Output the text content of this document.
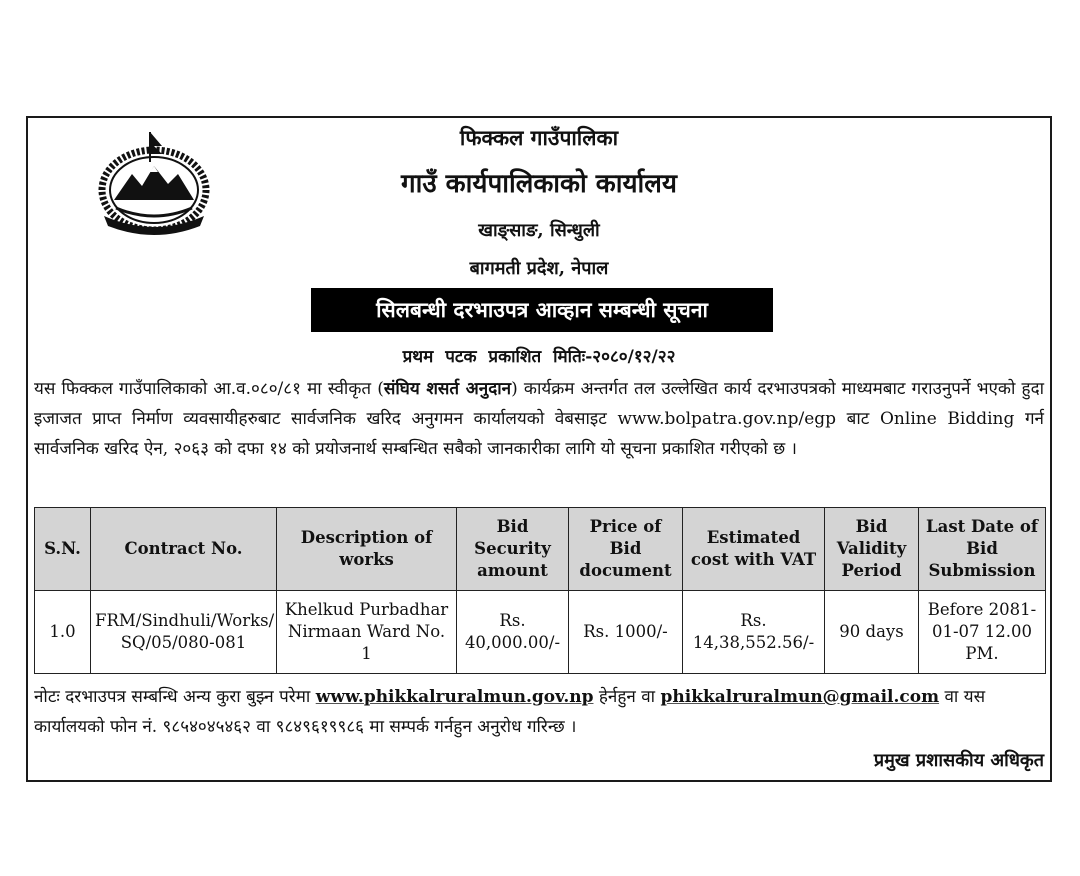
फिक्कल गाउँपालिका
गाउँ कार्यपालिकाको कार्यालय
खाङ्साङ, सिन्धुली
बागमती प्रदेश, नेपाल
सिलबन्धी दरभाउपत्र आव्हान सम्बन्धी सूचना
प्रथम पटक प्रकाशित मितिः-२०८०/१२/२२
यस फिक्कल गाउँपालिकाको आ.व.०८०/८१ मा स्वीकृत (संघिय शसर्त अनुदान) कार्यक्रम अन्तर्गत तल उल्लेखित कार्य दरभाउपत्रको माध्यमबाट गराउनुपर्ने भएको हुदा इजाजत प्राप्त निर्माण व्यवसायीहरुबाट सार्वजनिक खरिद अनुगमन कार्यालयको वेबसाइट www.bolpatra.gov.np/egp बाट Online Bidding गर्न सार्वजनिक खरिद ऐन, २०६३ को दफा १४ को प्रयोजनार्थ सम्बन्धित सबैको जानकारीका लागि यो सूचना प्रकाशित गरीएको छ ।
S.N.	Contract No.	Description of works	Bid Security amount	Price of Bid document	Estimated cost with VAT	Bid Validity Period	Last Date of Bid Submission
1.0	FRM/Sindhuli/Works/ SQ/05/080-081	Khelkud Purbadhar Nirmaan Ward No. 1	Rs. 40,000.00/-	Rs. 1000/-	Rs. 14,38,552.56/-	90 days	Before 2081-01-07 12.00 PM.
नोटः दरभाउपत्र सम्बन्धि अन्य कुरा बुझ्न परेमा www.phikkalruralmun.gov.np हेर्नहुन वा phikkalruralmun@gmail.com वा यस कार्यालयको फोन नं. ९८५४०४५४६२ वा ९८४९६१९९८६ मा सम्पर्क गर्नहुन अनुरोध गरिन्छ ।
प्रमुख प्रशासकीय अधिकृत
